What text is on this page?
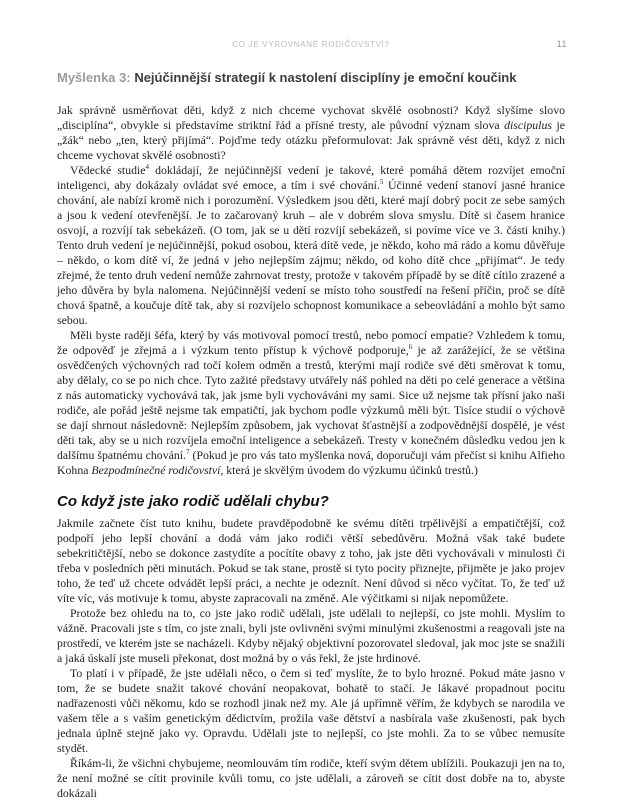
CO JE VYROVNANÉ RODIČOVSTVÍ?	11
Myšlenka 3: Nejúčinnější strategií k nastolení disciplíny je emoční koučink

Jak správně usměrňovat děti, když z nich chceme vychovat skvělé osobnosti? Když slyšíme slovo „disciplína“, obvykle si představíme striktní řád a přísné tresty, ale původní význam slova discipulus je „žák“ nebo „ten, který přijímá“. Pojďme tedy otázku přeformulovat: Jak správně vést děti, když z nich chceme vychovat skvělé osobnosti?

Vědecké studie$^4$ dokládají, že nejúčinnější vedení je takové, které pomáhá dětem rozvíjet emoční inteligenci, aby dokázaly ovládat své emoce, a tím i své chování.$^5$ Účinné vedení stanoví jasné hranice chování, ale nabízí kromě nich i porozumění. Výsledkem jsou děti, které mají dobrý pocit ze sebe samých a jsou k vedení otevřenější. Je to začarovaný kruh – ale v dobrém slova smyslu. Dítě si časem hranice osvojí, a rozvíjí tak sebekázeň. (O tom, jak se u dětí rozvíjí sebekázeň, si povíme více ve 3. části knihy.) Tento druh vedení je nejúčinnější, pokud osobou, která dítě vede, je někdo, koho má rádo a komu důvěřuje – někdo, o kom dítě ví, že jedná v jeho nejlepším zájmu; někdo, od koho dítě chce „přijímat“. Je tedy zřejmé, že tento druh vedení nemůže zahrnovat tresty, protože v takovém případě by se dítě cítilo zrazené a jeho důvěra by byla nalomena. Nejúčinnější vedení se místo toho soustředí na řešení příčin, proč se dítě chová špatně, a koučuje dítě tak, aby si rozvíjelo schopnost komunikace a sebeovládání a mohlo být samo sebou.

Měli byste raději šéfa, který by vás motivoval pomocí trestů, nebo pomocí empatie? Vzhledem k tomu, že odpověď je zřejmá a i výzkum tento přístup k výchově podporuje,$^6$ je až zarážející, že se většina osvědčených výchovných rad točí kolem odměn a trestů, kterými mají rodiče své děti směrovat k tomu, aby dělaly, co se po nich chce. Tyto zažité představy utvářely náš pohled na děti po celé generace a většina z nás automaticky vychovává tak, jak jsme byli vychováváni my sami. Sice už nejsme tak přísní jako naši rodiče, ale pořád ještě nejsme tak empatičtí, jak bychom podle výzkumů měli být. Tisíce studií o výchově se dají shrnout následovně: Nejlepším způsobem, jak vychovat šťastnější a zodpovědnější dospělé, je vést děti tak, aby se u nich rozvíjela emoční inteligence a sebekázeň. Tresty v konečném důsledku vedou jen k dalšímu špatnému chování.$^7$ (Pokud je pro vás tato myšlenka nová, doporučuji vám přečíst si knihu Alfieho Kohna Bezpodmínečné rodičovství, která je skvělým úvodem do výzkumu účinků trestů.)

Co když jste jako rodič udělali chybu?

Jakmile začnete číst tuto knihu, budete pravděpodobně ke svému dítěti trpělivější a empatičtější, což podpoří jeho lepší chování a dodá vám jako rodiči větší sebedůvěru. Možná však také budete sebekritičtější, nebo se dokonce zastydíte a pocítíte obavy z toho, jak jste děti vychovávali v minulosti či třeba v posledních pěti minutách. Pokud se tak stane, prostě si tyto pocity přiznejte, přijměte je jako projev toho, že teď už chcete odvádět lepší práci, a nechte je odeznít. Není důvod si něco vyčítat. To, že teď už víte víc, vás motivuje k tomu, abyste zapracovali na změně. Ale výčitkami si nijak nepomůžete.

Protože bez ohledu na to, co jste jako rodič udělali, jste udělali to nejlepší, co jste mohli. Myslím to vážně. Pracovali jste s tím, co jste znali, byli jste ovlivněni svými minulými zkušenostmi a reagovali jste na prostředí, ve kterém jste se nacházeli. Kdyby nějaký objektivní pozorovatel sledoval, jak moc jste se snažili a jaká úskalí jste museli překonat, dost možná by o vás řekl, že jste hrdinové.

To platí i v případě, že jste udělali něco, o čem si teď myslíte, že to bylo hrozné. Pokud máte jasno v tom, že se budete snažit takové chování neopakovat, bohatě to stačí. Je lákavé propadnout pocitu nadřazenosti vůči někomu, kdo se rozhodl jinak než my. Ale já upřímně věřím, že kdybych se narodila ve vašem těle a s vaším genetickým dědictvím, prožila vaše dětství a nasbírala vaše zkušenosti, pak bych jednala úplně stejně jako vy. Opravdu. Udělali jste to nejlepší, co jste mohli. Za to se vůbec nemusíte stydět.

Říkám-li, že všichni chybujeme, neomlouvám tím rodiče, kteří svým dětem ublížili. Poukazuji jen na to, že není možné se cítit provinile kvůli tomu, co jste udělali, a zároveň se cítit dost dobře na to, abyste dokázali
